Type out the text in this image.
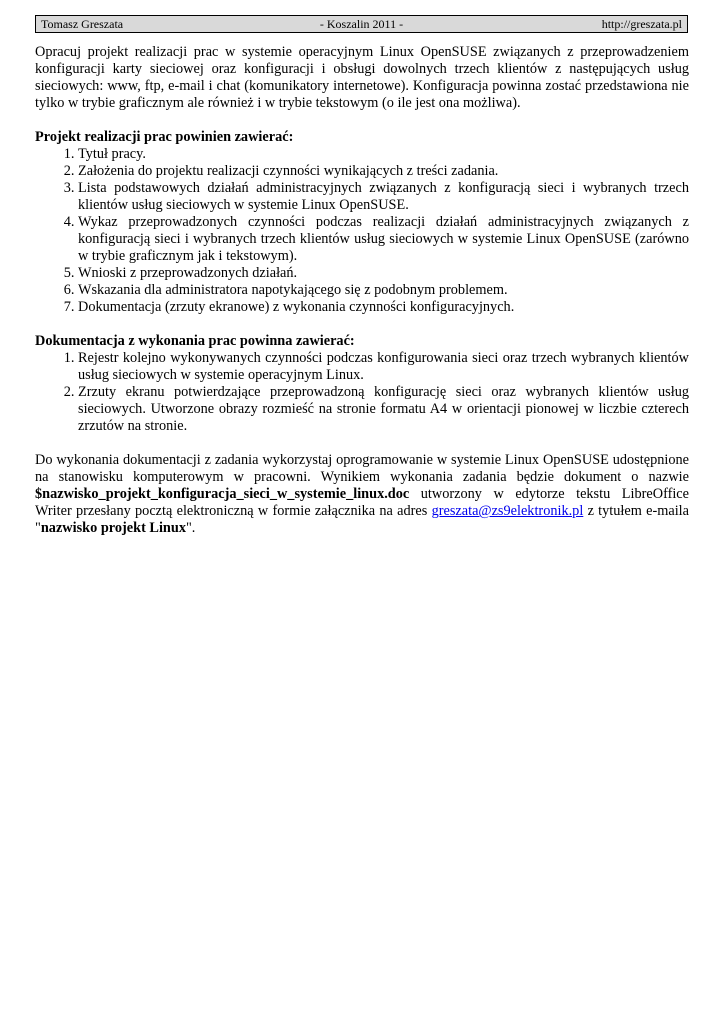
Tomasz Greszata	- Koszalin 2011 -	http://greszata.pl

Opracuj projekt realizacji prac w systemie operacyjnym Linux OpenSUSE związanych z przeprowadzeniem konfiguracji karty sieciowej oraz konfiguracji i obsługi dowolnych trzech klientów z następujących usług sieciowych: www, ftp, e-mail i chat (komunikatory internetowe). Konfiguracja powinna zostać przedstawiona nie tylko w trybie graficznym ale również i w trybie tekstowym (o ile jest ona możliwa).

Projekt realizacji prac powinien zawierać:

1. Tytuł pracy.
2. Założenia do projektu realizacji czynności wynikających z treści zadania.
3. Lista podstawowych działań administracyjnych związanych z konfiguracją sieci i wybranych trzech klientów usług sieciowych w systemie Linux OpenSUSE.
4. Wykaz przeprowadzonych czynności podczas realizacji działań administracyjnych związanych z konfiguracją sieci i wybranych trzech klientów usług sieciowych w systemie Linux OpenSUSE (zarówno w trybie graficznym jak i tekstowym).
5. Wnioski z przeprowadzonych działań.
6. Wskazania dla administratora napotykającego się z podobnym problemem.
7. Dokumentacja (zrzuty ekranowe) z wykonania czynności konfiguracyjnych.

Dokumentacja z wykonania prac powinna zawierać:

1. Rejestr kolejno wykonywanych czynności podczas konfigurowania sieci oraz trzech wybranych klientów usług sieciowych w systemie operacyjnym Linux.
2. Zrzuty ekranu potwierdzające przeprowadzoną konfigurację sieci oraz wybranych klientów usług sieciowych. Utworzone obrazy rozmieść na stronie formatu A4 w orientacji pionowej w liczbie czterech zrzutów na stronie.

Do wykonania dokumentacji z zadania wykorzystaj oprogramowanie w systemie Linux OpenSUSE udostępnione na stanowisku komputerowym w pracowni. Wynikiem wykonania zadania będzie dokument o nazwie $nazwisko_projekt_konfiguracja_sieci_w_systemie_linux.doc utworzony w edytorze tekstu LibreOffice Writer przesłany pocztą elektroniczną w formie załącznika na adres greszata@zs9elektronik.pl z tytułem e-maila "nazwisko projekt Linux".
